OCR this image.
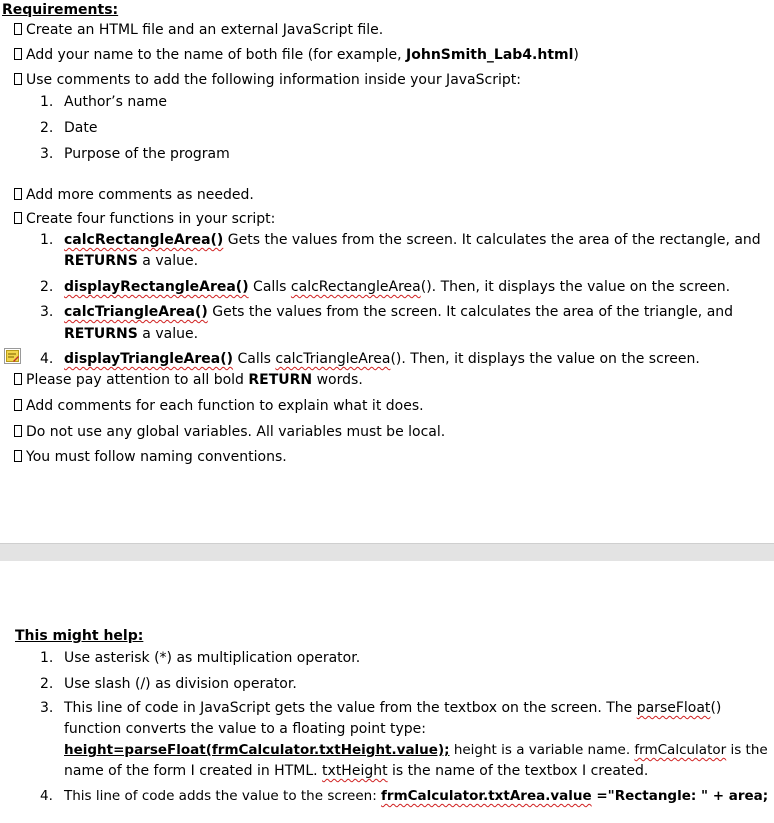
Requirements:
Create an HTML file and an external JavaScript file.
Add your name to the name of both file (for example, JohnSmith_Lab4.html)
Use comments to add the following information inside your JavaScript:
1. Author’s name
2. Date
3. Purpose of the program
Add more comments as needed.
Create four functions in your script:
1. calcRectangleArea() Gets the values from the screen. It calculates the area of the rectangle, and
RETURNS a value.
2. displayRectangleArea() Calls calcRectangleArea(). Then, it displays the value on the screen.
3. calcTriangleArea() Gets the values from the screen. It calculates the area of the triangle, and
RETURNS a value.
4. displayTriangleArea() Calls calcTriangleArea(). Then, it displays the value on the screen.
Please pay attention to all bold RETURN words.
Add comments for each function to explain what it does.
Do not use any global variables. All variables must be local.
You must follow naming conventions.
This might help:
1. Use asterisk (*) as multiplication operator.
2. Use slash (/) as division operator.
3. This line of code in JavaScript gets the value from the textbox on the screen. The parseFloat()
function converts the value to a floating point type:
height=parseFloat(frmCalculator.txtHeight.value); height is a variable name. frmCalculator is the
name of the form I created in HTML. txtHeight is the name of the textbox I created.
4. This line of code adds the value to the screen: frmCalculator.txtArea.value ="Rectangle: " + area;
